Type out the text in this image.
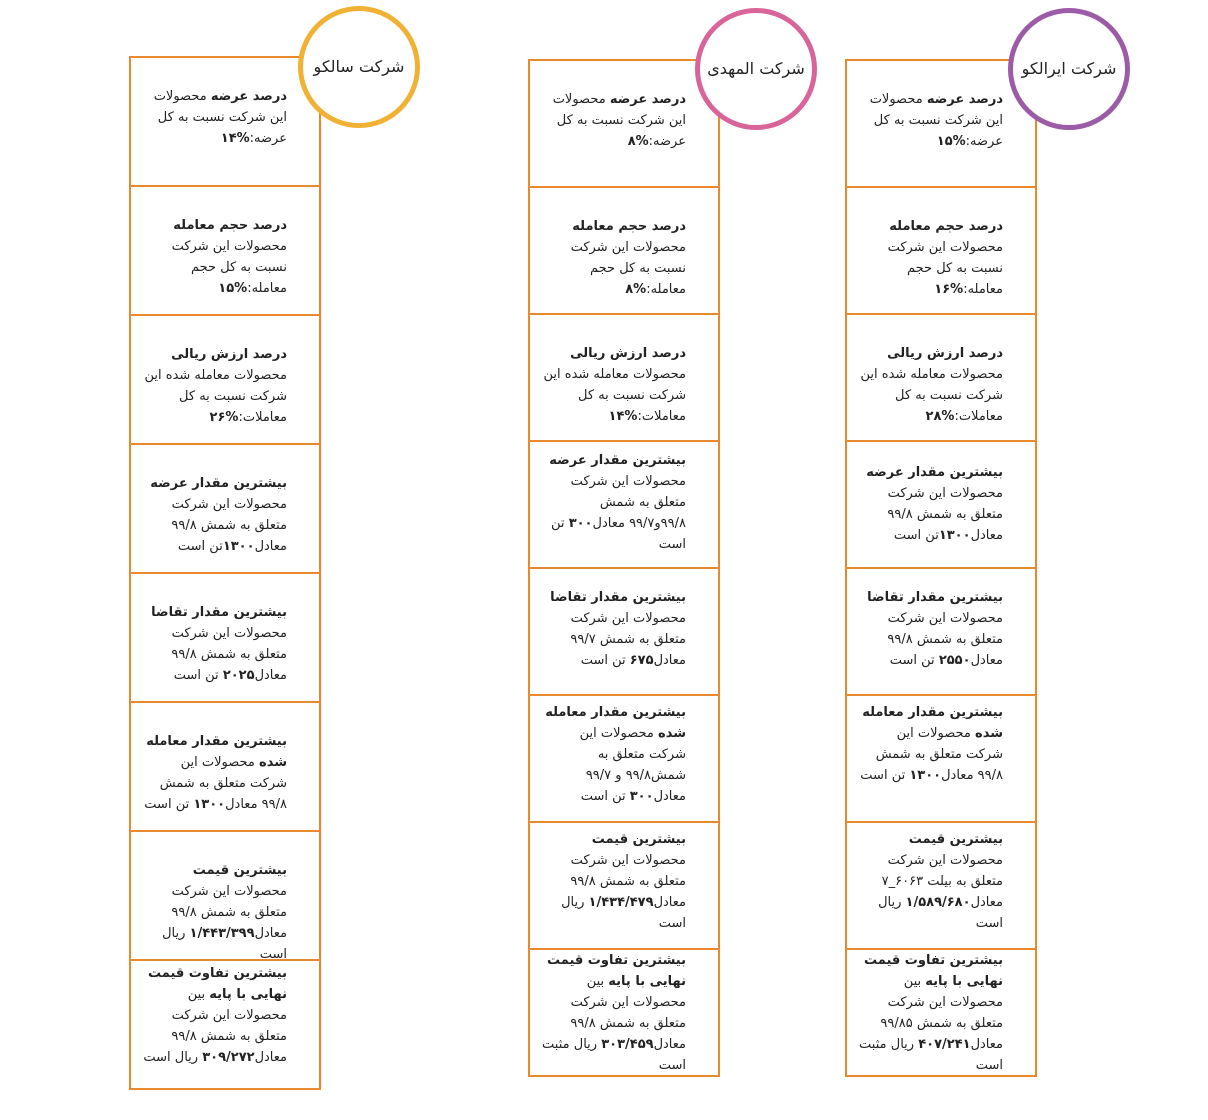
درصد عرضه محصولات این شرکت نسبت به کل عرضه:%۱۴
درصد حجم معامله محصولات این شرکت نسبت به کل حجم معامله:%۱۵
درصد ارزش ریالی محصولات معامله شده این شرکت نسبت به کل معاملات:%۲۶
بیشترین مقدار عرضه محصولات این شرکت متعلق به شمش ۹۹/۸ معادل۱۳۰۰تن است
بیشترین مقدار تقاضا محصولات این شرکت متعلق به شمش ۹۹/۸ معادل۲۰۲۵ تن است
بیشترین مقدار معامله شده محصولات این شرکت متعلق به شمش ۹۹/۸ معادل۱۳۰۰ تن است
بیشترین قیمت محصولات این شرکت متعلق به شمش ۹۹/۸ معادل۱/۴۴۳/۳۹۹ ریال است
بیشترین تفاوت قیمت نهایی با پایه بین محصولات این شرکت متعلق به شمش ۹۹/۸ معادل۳۰۹/۲۷۲ ریال است
شرکت سالکو
درصد عرضه محصولات این شرکت نسبت به کل عرضه:%۸
درصد حجم معامله محصولات این شرکت نسبت به کل حجم معامله:%۸
درصد ارزش ریالی محصولات معامله شده این شرکت نسبت به کل معاملات:%۱۴
بیشترین مقدار عرضه محصولات این شرکت متعلق به شمش ۹۹/۸و۹۹/۷ معادل۳۰۰ تن است
بیشترین مقدار تقاضا محصولات این شرکت متعلق به شمش ۹۹/۷ معادل۶۷۵ تن است
بیشترین مقدار معامله شده محصولات این شرکت متعلق به شمش۹۹/۸ و ۹۹/۷ معادل۳۰۰ تن است
بیشترین قیمت محصولات این شرکت متعلق به شمش ۹۹/۸ معادل۱/۴۳۴/۴۷۹ ریال است
بیشترین تفاوت قیمت نهایی با پایه بین محصولات این شرکت متعلق به شمش ۹۹/۸ معادل۳۰۳/۴۵۹ ریال مثبت است
شرکت المهدی
درصد عرضه محصولات این شرکت نسبت به کل عرضه:%۱۵
درصد حجم معامله محصولات این شرکت نسبت به کل حجم معامله:%۱۶
درصد ارزش ریالی محصولات معامله شده این شرکت نسبت به کل معاملات:%۲۸
بیشترین مقدار عرضه محصولات این شرکت متعلق به شمش ۹۹/۸ معادل۱۳۰۰تن است
بیشترین مقدار تقاضا محصولات این شرکت متعلق به شمش ۹۹/۸ معادل۲۵۵۰ تن است
بیشترین مقدار معامله شده محصولات این شرکت متعلق به شمش ۹۹/۸ معادل۱۳۰۰ تن است
بیشترین قیمت محصولات این شرکت متعلق به بیلت ۶۰۶۳_۷ معادل۱/۵۸۹/۶۸۰ ریال است
بیشترین تفاوت قیمت نهایی با پایه بین محصولات این شرکت متعلق به شمش ۹۹/۸۵ معادل۴۰۷/۲۴۱ ریال مثبت است
شرکت ایرالکو
